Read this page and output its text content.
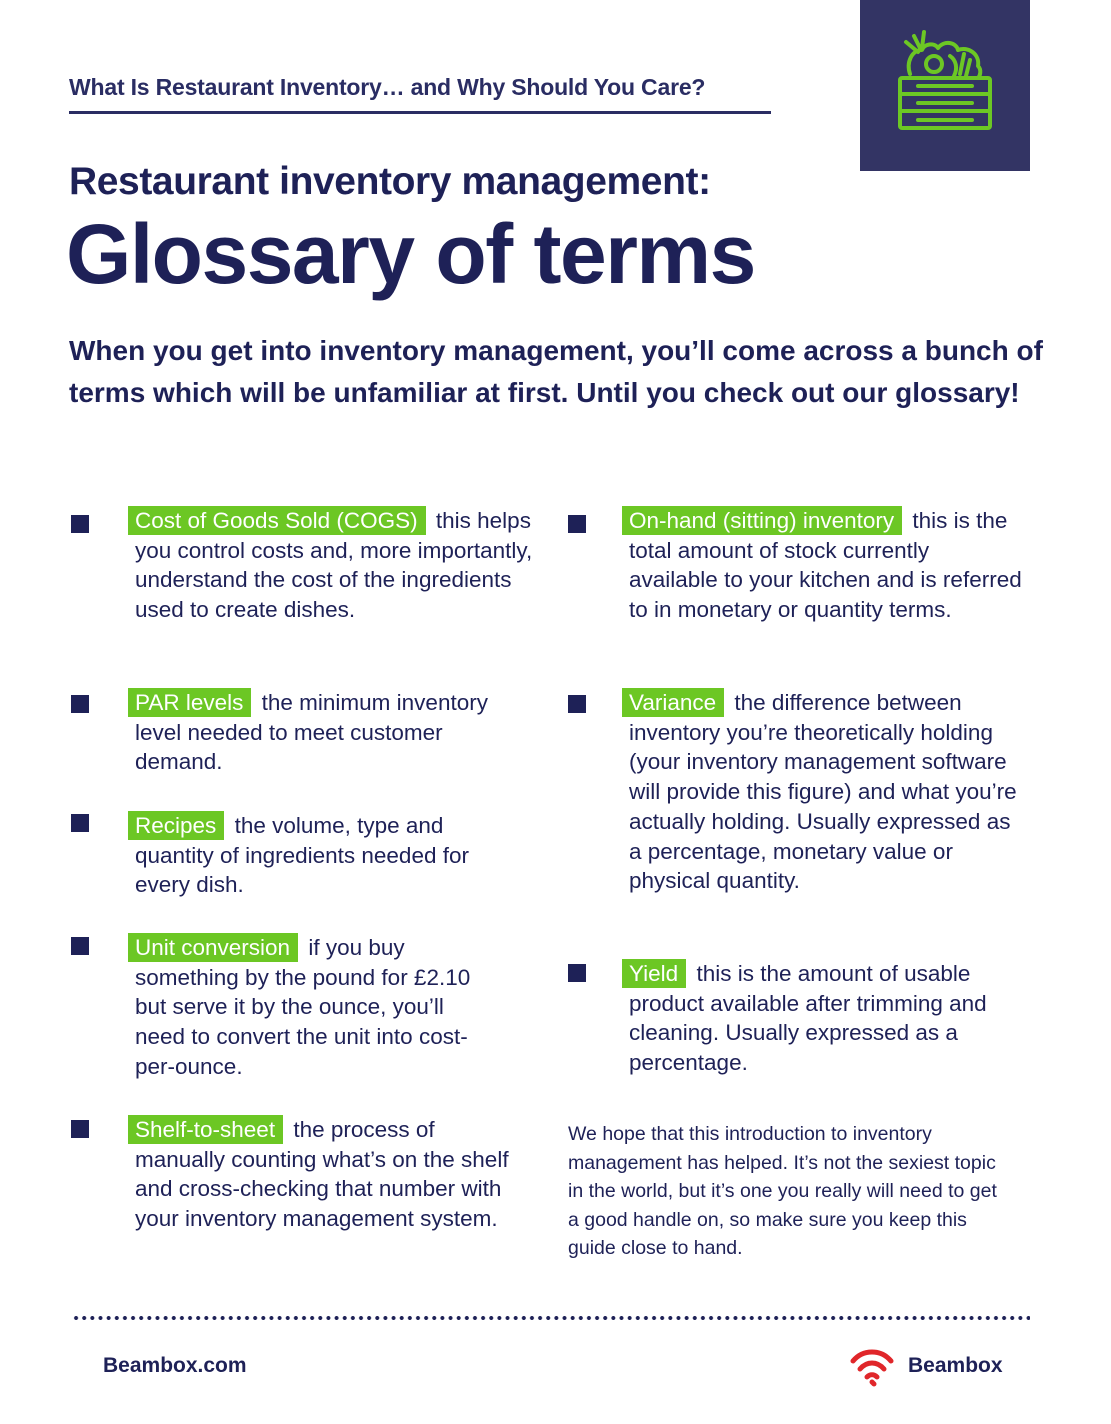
What Is Restaurant Inventory… and Why Should You Care?
Restaurant inventory management:
Glossary of terms
When you get into inventory management, you’ll come across a bunch of terms which will be unfamiliar at first. Until you check out our glossary!
Cost of Goods Sold (COGS) this helps you control costs and, more importantly, understand the cost of the ingredients used to create dishes.
PAR levels the minimum inventory level needed to meet customer demand.
Recipes the volume, type and quantity of ingredients needed for every dish.
Unit conversion if you buy something by the pound for £2.10 but serve it by the ounce, you’ll need to convert the unit into cost-per-ounce.
Shelf-to-sheet the process of manually counting what’s on the shelf and cross-checking that number with your inventory management system.
On-hand (sitting) inventory this is the total amount of stock currently available to your kitchen and is referred to in monetary or quantity terms.
Variance the difference between inventory you’re theoretically holding (your inventory management software will provide this figure) and what you’re actually holding. Usually expressed as a percentage, monetary value or physical quantity.
Yield this is the amount of usable product available after trimming and cleaning. Usually expressed as a percentage.
We hope that this introduction to inventory management has helped. It’s not the sexiest topic in the world, but it’s one you really will need to get a good handle on, so make sure you keep this guide close to hand.
Beambox.com	Beambox
